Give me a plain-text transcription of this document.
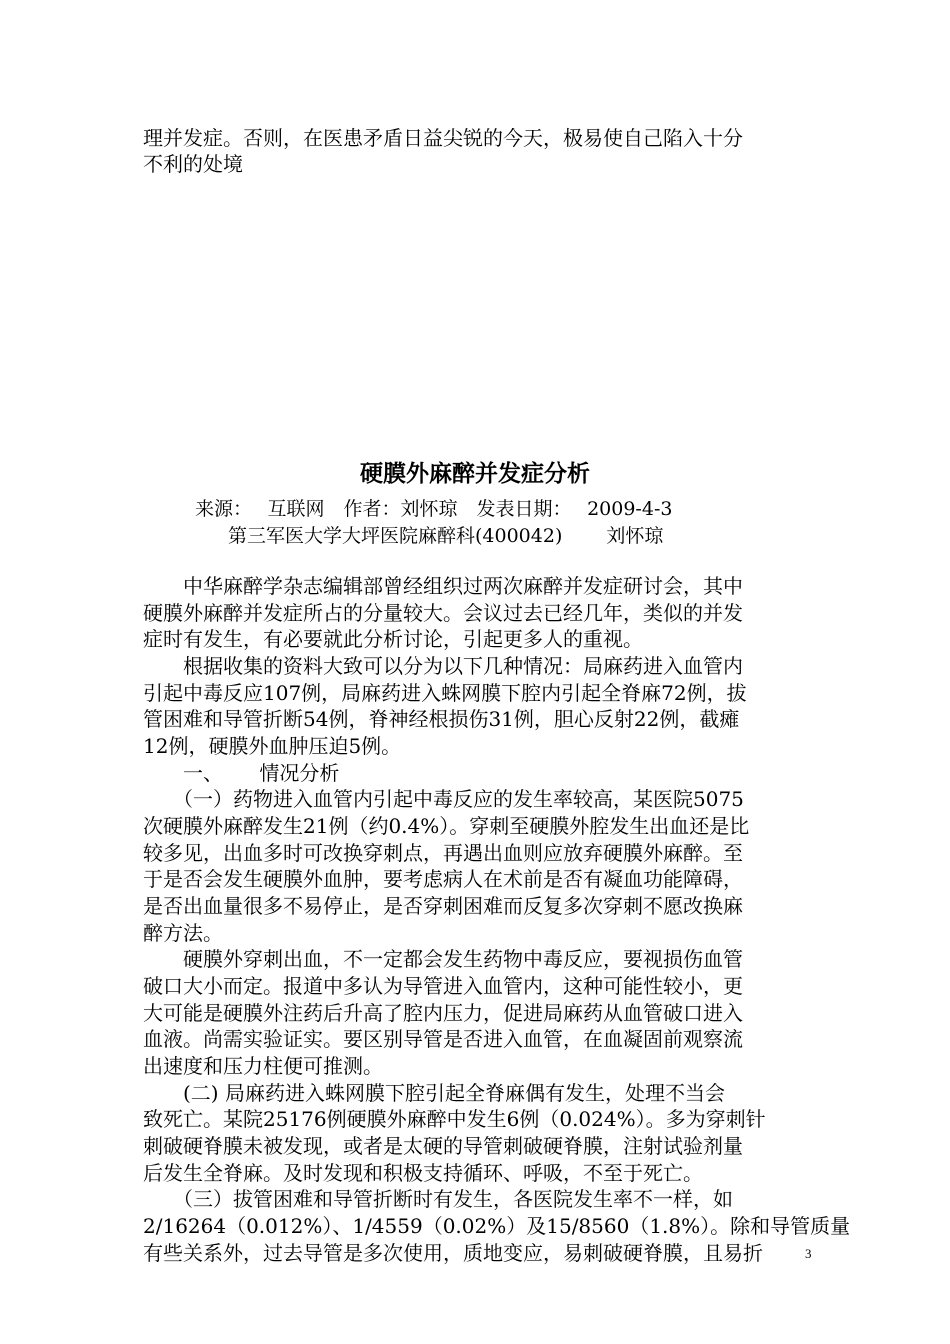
理并发症。否则，在医患矛盾日益尖锐的今天，极易使自己陷入十分

不利的处境

硬膜外麻醉并发症分析

来源：　 互联网　作者：刘怀琼　发表日期：　 2009-4-3

第三军医大学大坪医院麻醉科(400042)　　 刘怀琼

　　中华麻醉学杂志编辑部曾经组织过两次麻醉并发症研讨会，其中

硬膜外麻醉并发症所占的分量较大。会议过去已经几年，类似的并发

症时有发生，有必要就此分析讨论，引起更多人的重视。

　　根据收集的资料大致可以分为以下几种情况：局麻药进入血管内

引起中毒反应107例，局麻药进入蛛网膜下腔内引起全脊麻72例，拔

管困难和导管折断54例，脊神经根损伤31例，胆心反射22例，截瘫

12例，硬膜外血肿压迫5例。

　　一、　　 情况分析

　　（一）药物进入血管内引起中毒反应的发生率较高，某医院5075

次硬膜外麻醉发生21例（约0.4%）。穿刺至硬膜外腔发生出血还是比

较多见，出血多时可改换穿刺点，再遇出血则应放弃硬膜外麻醉。至

于是否会发生硬膜外血肿，要考虑病人在术前是否有凝血功能障碍，

是否出血量很多不易停止，是否穿刺困难而反复多次穿刺不愿改换麻

醉方法。

　　硬膜外穿刺出血，不一定都会发生药物中毒反应，要视损伤血管

破口大小而定。报道中多认为导管进入血管内，这种可能性较小，更

大可能是硬膜外注药后升高了腔内压力，促进局麻药从血管破口进入

血液。尚需实验证实。要区别导管是否进入血管，在血凝固前观察流

出速度和压力柱便可推测。

　　(二) 局麻药进入蛛网膜下腔引起全脊麻偶有发生，处理不当会

致死亡。某院25176例硬膜外麻醉中发生6例（0.024%）。多为穿刺针

刺破硬脊膜未被发现，或者是太硬的导管刺破硬脊膜，注射试验剂量

后发生全脊麻。及时发现和积极支持循环、呼吸，不至于死亡。

　　（三）拔管困难和导管折断时有发生，各医院发生率不一样，如

2/16264（0.012%）、1/4559（0.02%）及15/8560（1.8%）。除和导管质量

有些关系外，过去导管是多次使用，质地变应，易刺破硬脊膜，且易折	3
